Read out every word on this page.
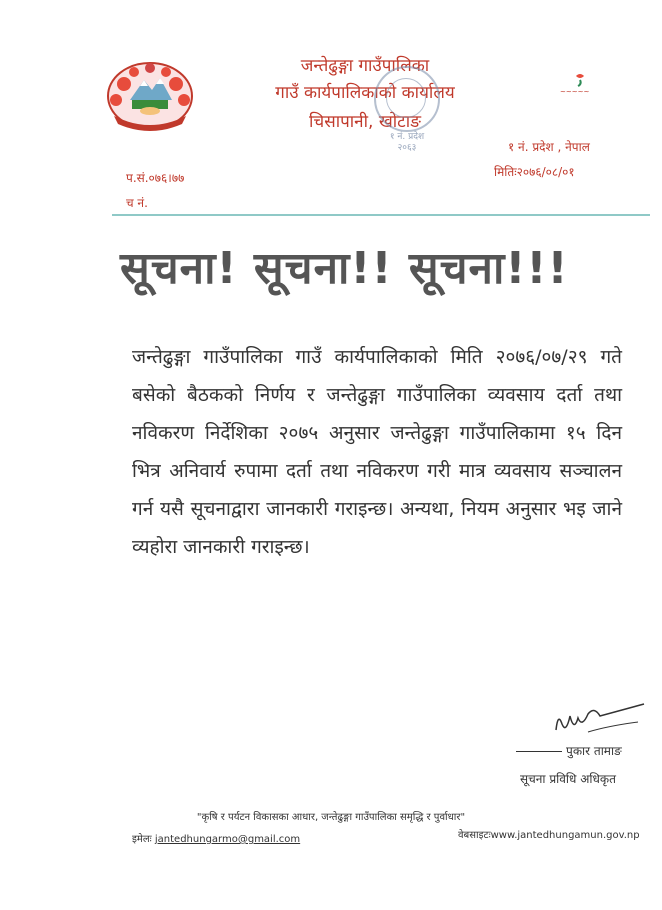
जन्तेढुङ्गा गाउँपालिका
गाउँ कार्यपालिकाको कार्यालय
चिसापानी, खोटाङ
१ नं. प्रदेश
२०६३
~~~~~
१ नं. प्रदेश , नेपाल
मितिः२०७६/०८/०१
प.सं.०७६।७७
च नं.
सूचना! सूचना!! सूचना!!!
जन्तेढुङ्गा गाउँपालिका गाउँ कार्यपालिकाको मिति २०७६/०७/२९ गते बसेको बैठकको निर्णय र जन्तेढुङ्गा गाउँपालिका व्यवसाय दर्ता तथा नविकरण निर्देशिका २०७५ अनुसार जन्तेढुङ्गा गाउँपालिकामा १५ दिन भित्र अनिवार्य रुपामा दर्ता तथा नविकरण गरी मात्र व्यवसाय सञ्चालन गर्न यसै सूचनाद्वारा जानकारी गराइन्छ। अन्यथा, नियम अनुसार भइ जाने व्यहोरा जानकारी गराइन्छ।
पुकार तामाङ
सूचना प्रविधि अधिकृत
"कृषि र पर्यटन विकासका आधार, जन्तेढुङ्गा गाउँपालिका समृद्धि र पुर्वाधार"
इमेलः jantedhungarmo@gmail.com	वेबसाइटःwww.jantedhungamun.gov.np
